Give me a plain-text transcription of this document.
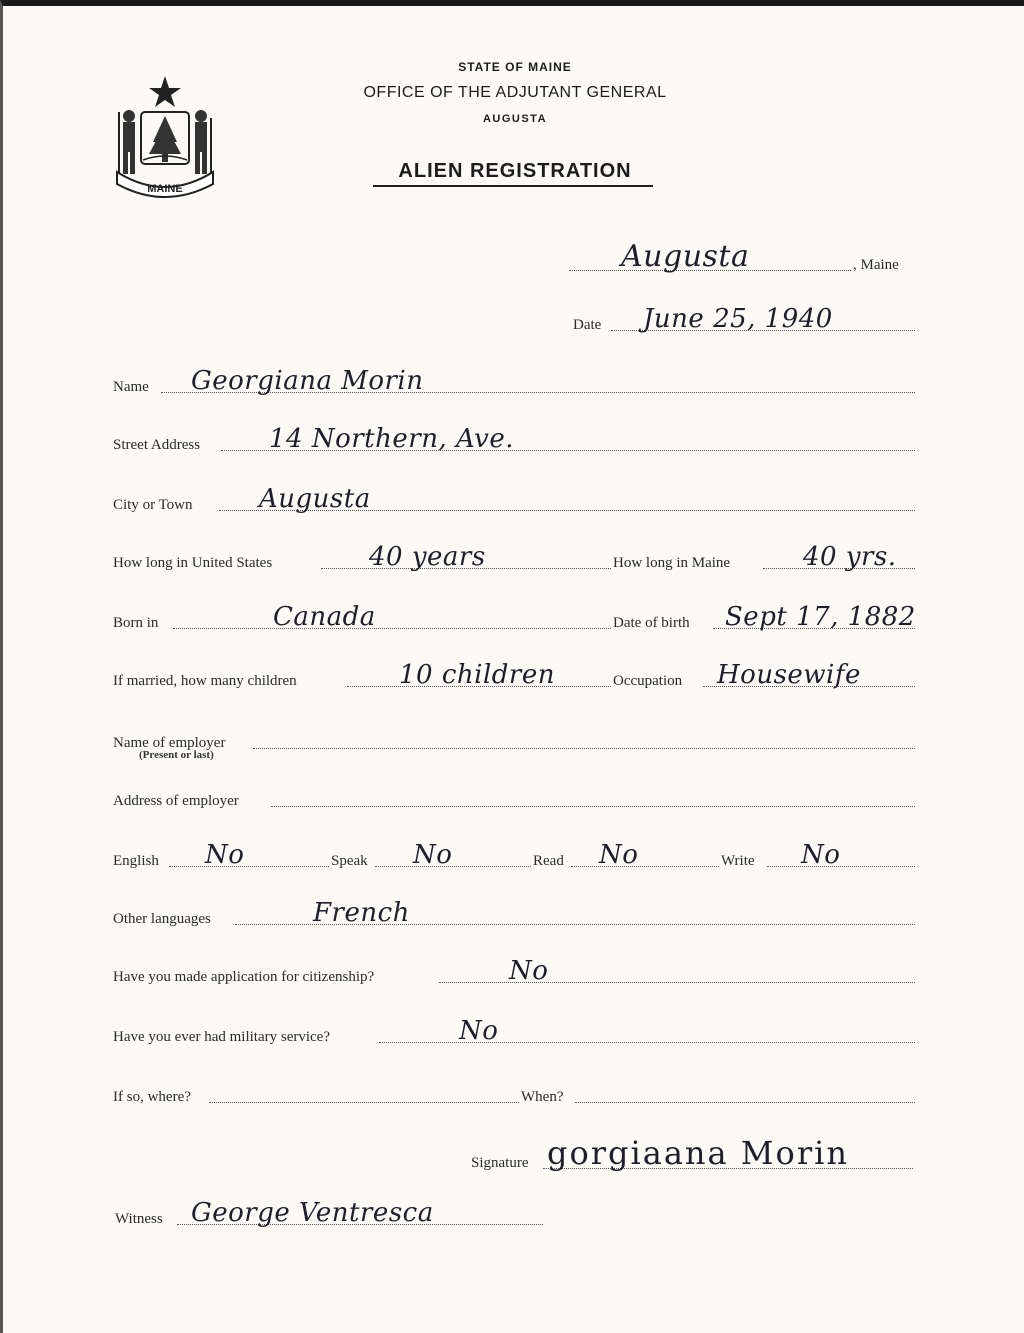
MAINE
STATE OF MAINE
OFFICE OF THE ADJUTANT GENERAL
AUGUSTA
ALIEN REGISTRATION
Augusta	, Maine
Date June 25, 1940
Name Georgiana Morin
Street Address	14 Northern, Ave.
City or Town	Augusta
How long in United States	40 years	How long in Maine	40 yrs.
Born in	Canada	Date of birth Sept 17, 1882
If married, how many children	10 children	Occupation Housewife
Name of employer
(Present or last)
Address of employer
English No	Speak No	Read No	Write No
Other languages	French
Have you made application for citizenship?	No
Have you ever had military service?	No
If so, where?	When?
Signature gorgiaana Morin
Witness George Ventresca
